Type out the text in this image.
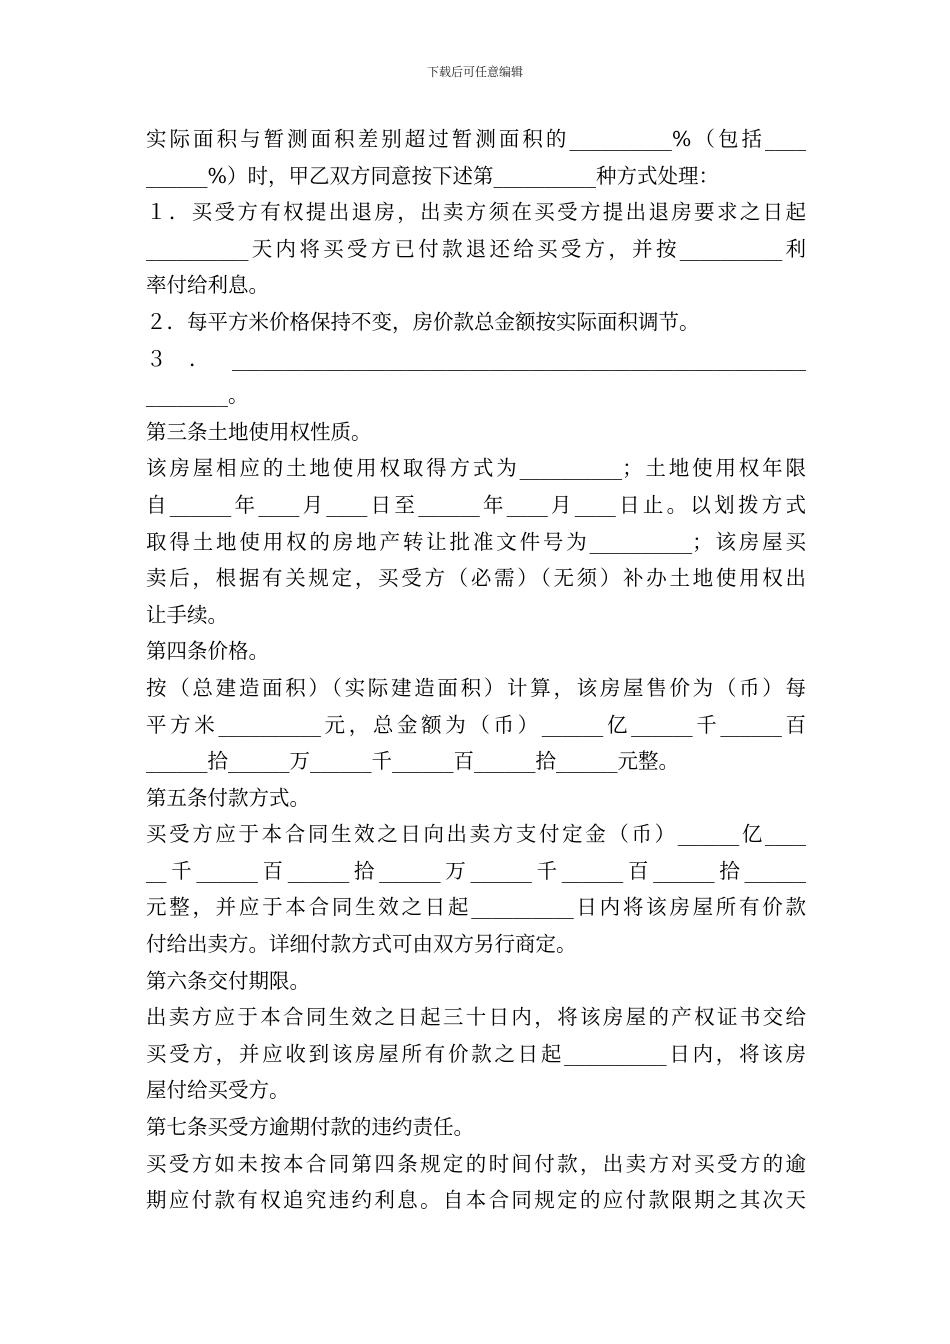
下载后可任意编辑
实际面积与暂测面积差别超过暂测面积的__________%（包括____
______%）时，甲乙双方同意按下述第__________种方式处理：
１．买受方有权提出退房，出卖方须在买受方提出退房要求之日起
__________天内将买受方已付款退还给买受方，并按__________利
率付给利息。
２．每平方米价格保持不变，房价款总金额按实际面积调节。
３．________________________________________________________
________。
第三条土地使用权性质。
该房屋相应的土地使用权取得方式为__________；土地使用权年限
自______年____月____日至______年____月____日止。以划拨方式
取得土地使用权的房地产转让批准文件号为__________；该房屋买
卖后，根据有关规定，买受方（必需）（无须）补办土地使用权出
让手续。
第四条价格。
按（总建造面积）（实际建造面积）计算，该房屋售价为（币）每
平方米__________元，总金额为（币）______亿______千______百
______拾______万______千______百______拾______元整。
第五条付款方式。
买受方应于本合同生效之日向出卖方支付定金（币）______亿____
__千______百______拾______万______千______百______拾______
元整，并应于本合同生效之日起__________日内将该房屋所有价款
付给出卖方。详细付款方式可由双方另行商定。
第六条交付期限。
出卖方应于本合同生效之日起三十日内，将该房屋的产权证书交给
买受方，并应收到该房屋所有价款之日起__________日内，将该房
屋付给买受方。
第七条买受方逾期付款的违约责任。
买受方如未按本合同第四条规定的时间付款，出卖方对买受方的逾
期应付款有权追究违约利息。自本合同规定的应付款限期之其次天
